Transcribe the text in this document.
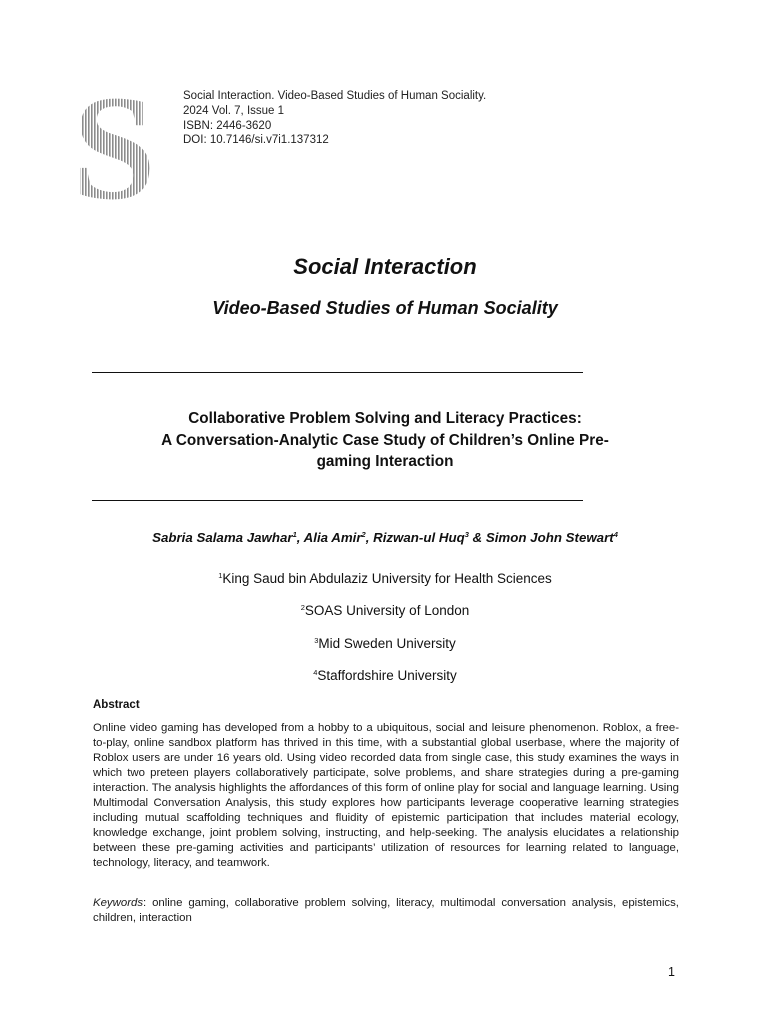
S Social Interaction. Video-Based Studies of Human Sociality.
2024 Vol. 7, Issue 1
ISBN: 2446-3620
DOI: 10.7146/si.v7i1.137312
Social Interaction
Video-Based Studies of Human Sociality
Collaborative Problem Solving and Literacy Practices:
A Conversation-Analytic Case Study of Children’s Online Pre-
gaming Interaction
Sabria Salama Jawhar$^1$, Alia Amir$^2$, Rizwan-ul Huq$^3$ & Simon John Stewart$^4$
$^1$King Saud bin Abdulaziz University for Health Sciences
$^2$SOAS University of London
$^3$Mid Sweden University
$^4$Staffordshire University
Abstract
Online video gaming has developed from a hobby to a ubiquitous, social and leisure phenomenon. Roblox, a free-to-play, online sandbox platform has thrived in this time, with a substantial global userbase, where the majority of Roblox users are under 16 years old. Using video recorded data from single case, this study examines the ways in which two preteen players collaboratively participate, solve problems, and share strategies during a pre-gaming interaction. The analysis highlights the affordances of this form of online play for social and language learning. Using Multimodal Conversation Analysis, this study explores how participants leverage cooperative learning strategies including mutual scaffolding techniques and fluidity of epistemic participation that includes material ecology, knowledge exchange, joint problem solving, instructing, and help-seeking. The analysis elucidates a relationship between these pre-gaming activities and participants’ utilization of resources for learning related to language, technology, literacy, and teamwork.
Keywords: online gaming, collaborative problem solving, literacy, multimodal conversation analysis, epistemics, children, interaction
1
